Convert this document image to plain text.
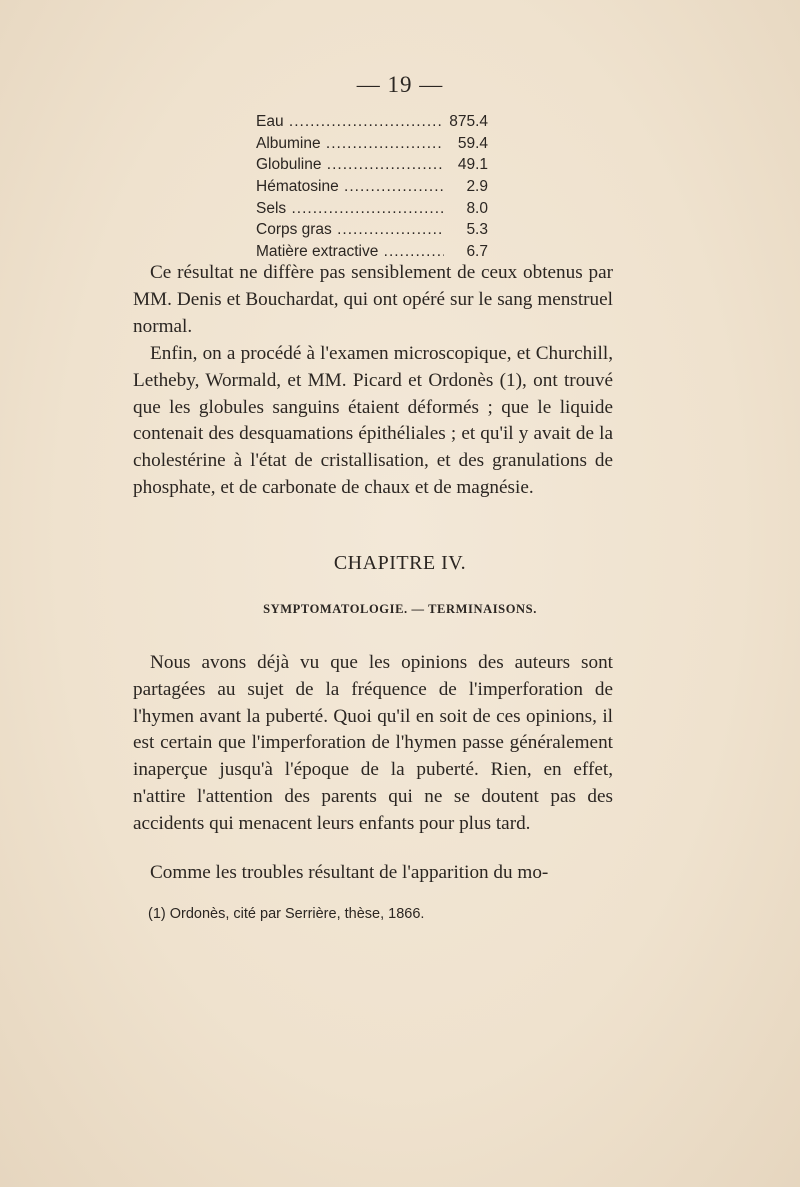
— 19 —
Eau .....	875.4
Albumine .....	59.4
Globuline .....	49.1
Hématosine .....	2.9
Sels .....	8.0
Corps gras .....	5.3
Matière extractive .....	6.7

Ce résultat ne diffère pas sensiblement de ceux obtenus par MM. Denis et Bouchardat, qui ont opéré sur le sang menstruel normal.

Enfin, on a procédé à l'examen microscopique, et Churchill, Letheby, Wormald, et MM. Picard et Ordonès (1), ont trouvé que les globules sanguins étaient déformés ; que le liquide contenait des desquamations épithéliales ; et qu'il y avait de la cholestérine à l'état de cristallisation, et des granulations de phosphate, et de carbonate de chaux et de magnésie.

CHAPITRE IV.
SYMPTOMATOLOGIE. — TERMINAISONS.

Nous avons déjà vu que les opinions des auteurs sont partagées au sujet de la fréquence de l'imperforation de l'hymen avant la puberté. Quoi qu'il en soit de ces opinions, il est certain que l'imperforation de l'hymen passe généralement inaperçue jusqu'à l'époque de la puberté. Rien, en effet, n'attire l'attention des parents qui ne se doutent pas des accidents qui menacent leurs enfants pour plus tard.

Comme les troubles résultant de l'apparition du mo-

(1) Ordonès, cité par Serrière, thèse, 1866.
